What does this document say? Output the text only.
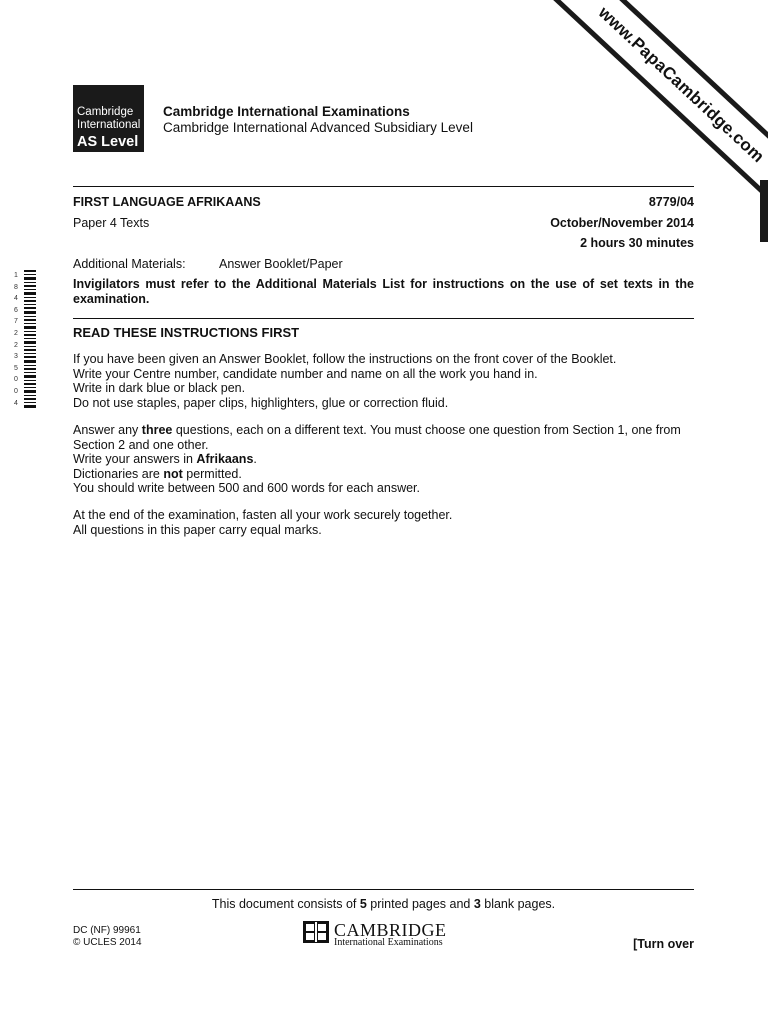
Cambridge
International
AS Level
Cambridge International Examinations
Cambridge International Advanced Subsidiary Level	www.PapaCambridge.com
1 8 4 6 7 2 2 3 5 0 0 4
FIRST LANGUAGE AFRIKAANS	8779/04
Paper 4 Texts	October/November 2014
2 hours 30 minutes
Additional Materials:	Answer Booklet/Paper
Invigilators must refer to the Additional Materials List for instructions on the use of set texts in the examination.
READ THESE INSTRUCTIONS FIRST

If you have been given an Answer Booklet, follow the instructions on the front cover of the Booklet.

Write your Centre number, candidate number and name on all the work you hand in.

Write in dark blue or black pen.

Do not use staples, paper clips, highlighters, glue or correction fluid.

Answer any three questions, each on a different text. You must choose one question from Section 1, one from Section 2 and one other.

Write your answers in Afrikaans.

Dictionaries are not permitted.

You should write between 500 and 600 words for each answer.

At the end of the examination, fasten all your work securely together.

All questions in this paper carry equal marks.

This document consists of 5 printed pages and 3 blank pages.
DC (NF) 99961
© UCLES 2014
CAMBRIDGE
International Examinations	[Turn over
